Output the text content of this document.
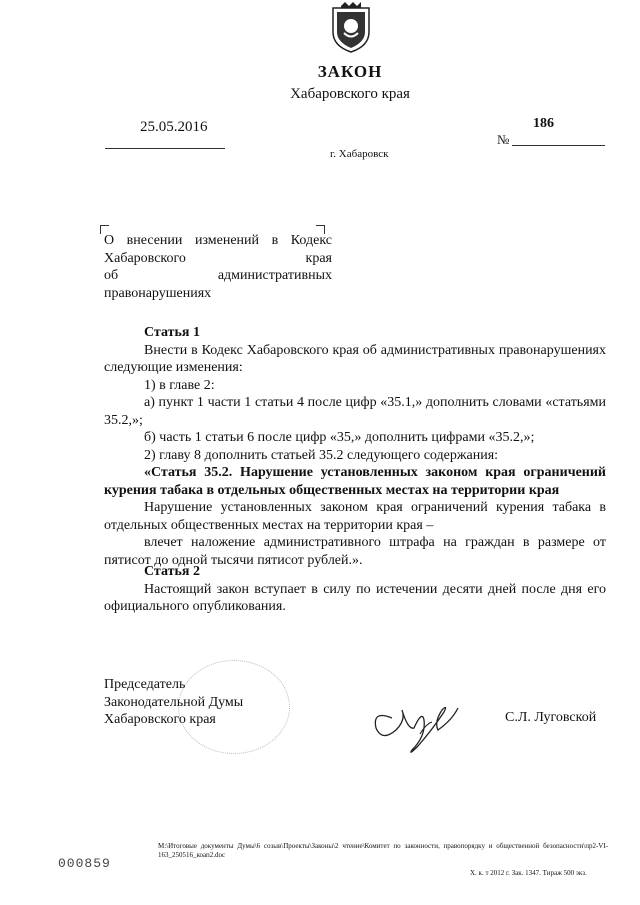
ЗАКОН
Хабаровского края
25.05.2016	186
№
г. Хабаровск
О внесении изменений в Кодекс
Хабаровского края
об административных
правонарушениях
Статья 1
Внести в Кодекс Хабаровского края об административных правонарушениях следующие изменения:
1) в главе 2:
а) пункт 1 части 1 статьи 4 после цифр «35.1,» дополнить словами «статьями 35.2,»;
б) часть 1 статьи 6 после цифр «35,» дополнить цифрами «35.2,»;
2) главу 8 дополнить статьей 35.2 следующего содержания:
«Статья 35.2. Нарушение установленных законом края ограничений курения табака в отдельных общественных местах на территории края
Нарушение установленных законом края ограничений курения табака в отдельных общественных местах на территории края –
влечет наложение административного штрафа на граждан в размере от пятисот до одной тысячи пятисот рублей.».
Статья 2
Настоящий закон вступает в силу по истечении десяти дней после дня его официального опубликования.
Председатель
Законодательной Думы
Хабаровского края	С.Л. Луговской
М:\Итоговые документы Думы\6 созыв\Проекты\Законы\2 чтение\Комитет по законности, правопорядку и общественной безопасности\пр2-VI-163_250516_коап2.doc
000859
Х. к. т 2012 г. Зак. 1347. Тираж 500 экз.
